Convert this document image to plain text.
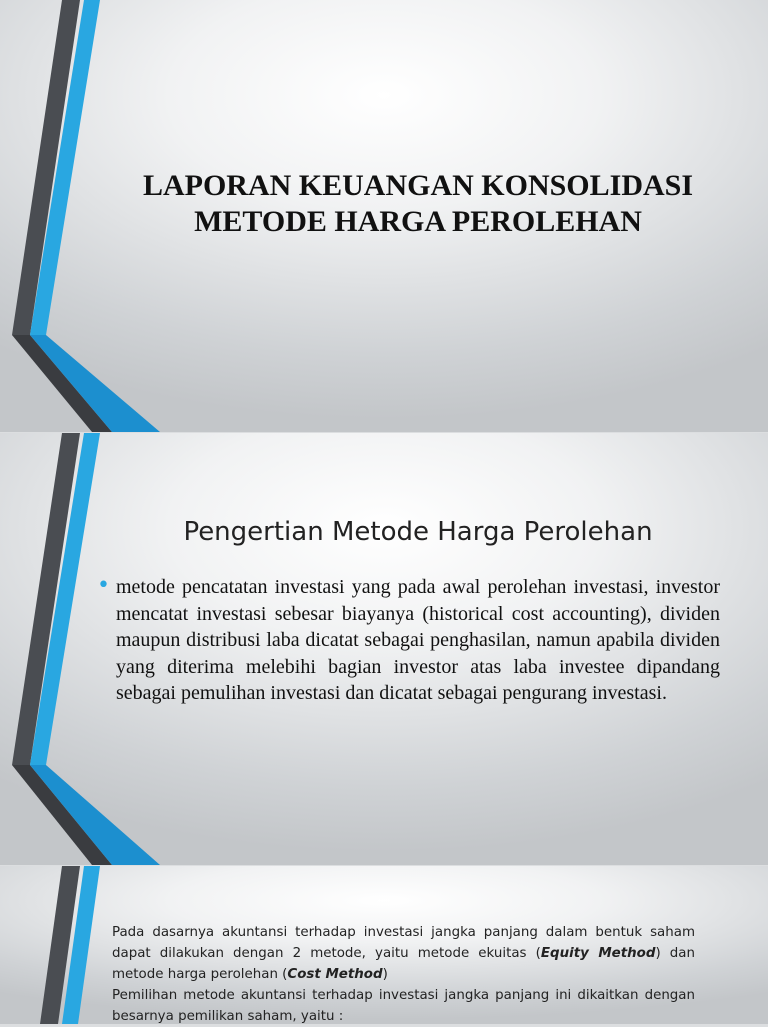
LAPORAN KEUANGAN KONSOLIDASI
METODE HARGA PEROLEHAN
Pengertian Metode Harga Perolehan
• metode pencatatan investasi yang pada awal perolehan investasi, investor mencatat investasi sebesar biayanya (historical cost accounting), dividen maupun distribusi laba dicatat sebagai penghasilan, namun apabila dividen yang diterima melebihi bagian investor atas laba investee dipandang sebagai pemulihan investasi dan dicatat sebagai pengurang investasi.

Pada dasarnya akuntansi terhadap investasi jangka panjang dalam bentuk saham dapat dilakukan dengan 2 metode, yaitu metode ekuitas (Equity Method) dan metode harga perolehan (Cost Method)

Pemilihan metode akuntansi terhadap investasi jangka panjang ini dikaitkan dengan besarnya pemilikan saham, yaitu :
